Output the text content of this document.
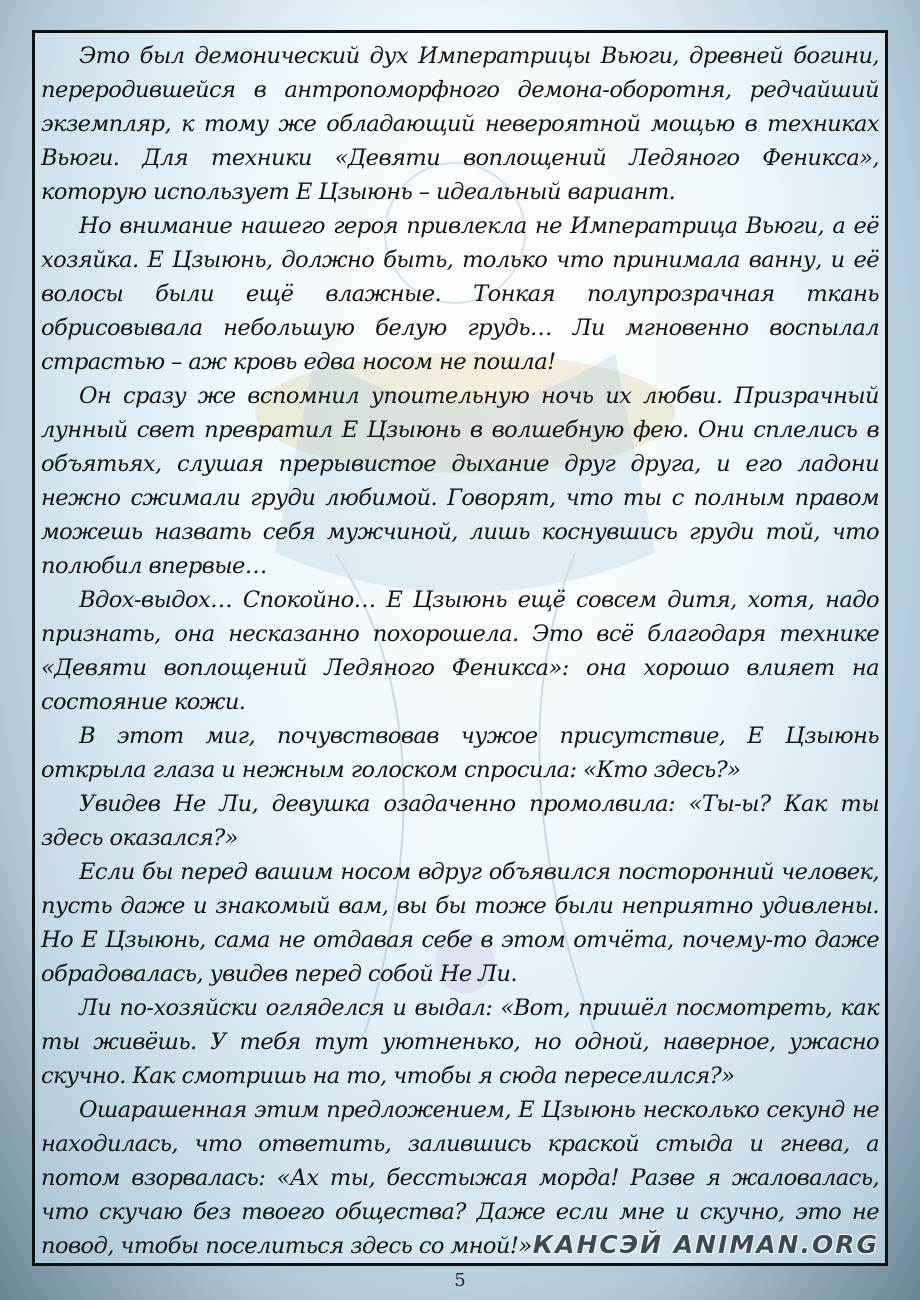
Это был демонический дух Императрицы Вьюги, древней богини, переродившейся в антропоморфного демона-оборотня, редчайший экземпляр, к тому же обладающий невероятной мощью в техниках Вьюги. Для техники «Девяти воплощений Ледяного Феникса», которую использует Е Цзыюнь – идеальный вариант.

Но внимание нашего героя привлекла не Императрица Вьюги, а её хозяйка. Е Цзыюнь, должно быть, только что принимала ванну, и её волосы были ещё влажные. Тонкая полупрозрачная ткань обрисовывала небольшую белую грудь… Ли мгновенно воспылал страстью – аж кровь едва носом не пошла!

Он сразу же вспомнил упоительную ночь их любви. Призрачный лунный свет превратил Е Цзыюнь в волшебную фею. Они сплелись в объятьях, слушая прерывистое дыхание друг друга, и его ладони нежно сжимали груди любимой. Говорят, что ты с полным правом можешь назвать себя мужчиной, лишь коснувшись груди той, что полюбил впервые…

Вдох-выдох… Спокойно… Е Цзыюнь ещё совсем дитя, хотя, надо признать, она несказанно похорошела. Это всё благодаря технике «Девяти воплощений Ледяного Феникса»: она хорошо влияет на состояние кожи.

В этот миг, почувствовав чужое присутствие, Е Цзыюнь открыла глаза и нежным голоском спросила: «Кто здесь?»

Увидев Не Ли, девушка озадаченно промолвила: «Ты-ы? Как ты здесь оказался?»

Если бы перед вашим носом вдруг объявился посторонний человек, пусть даже и знакомый вам, вы бы тоже были неприятно удивлены. Но Е Цзыюнь, сама не отдавая себе в этом отчёта, почему-то даже обрадовалась, увидев перед собой Не Ли.

Ли по-хозяйски огляделся и выдал: «Вот, пришёл посмотреть, как ты живёшь. У тебя тут уютненько, но одной, наверное, ужасно скучно. Как смотришь на то, чтобы я сюда переселился?»

Ошарашенная этим предложением, Е Цзыюнь несколько секунд не находилась, что ответить, залившись краской стыда и гнева, а потом взорвалась: «Ах ты, бесстыжая морда! Разве я жаловалась, что скучаю без твоего общества? Даже если мне и скучно, это не повод, чтобы поселиться здесь со мной!» КАНСЭЙ ANIMAN.ORG
5
